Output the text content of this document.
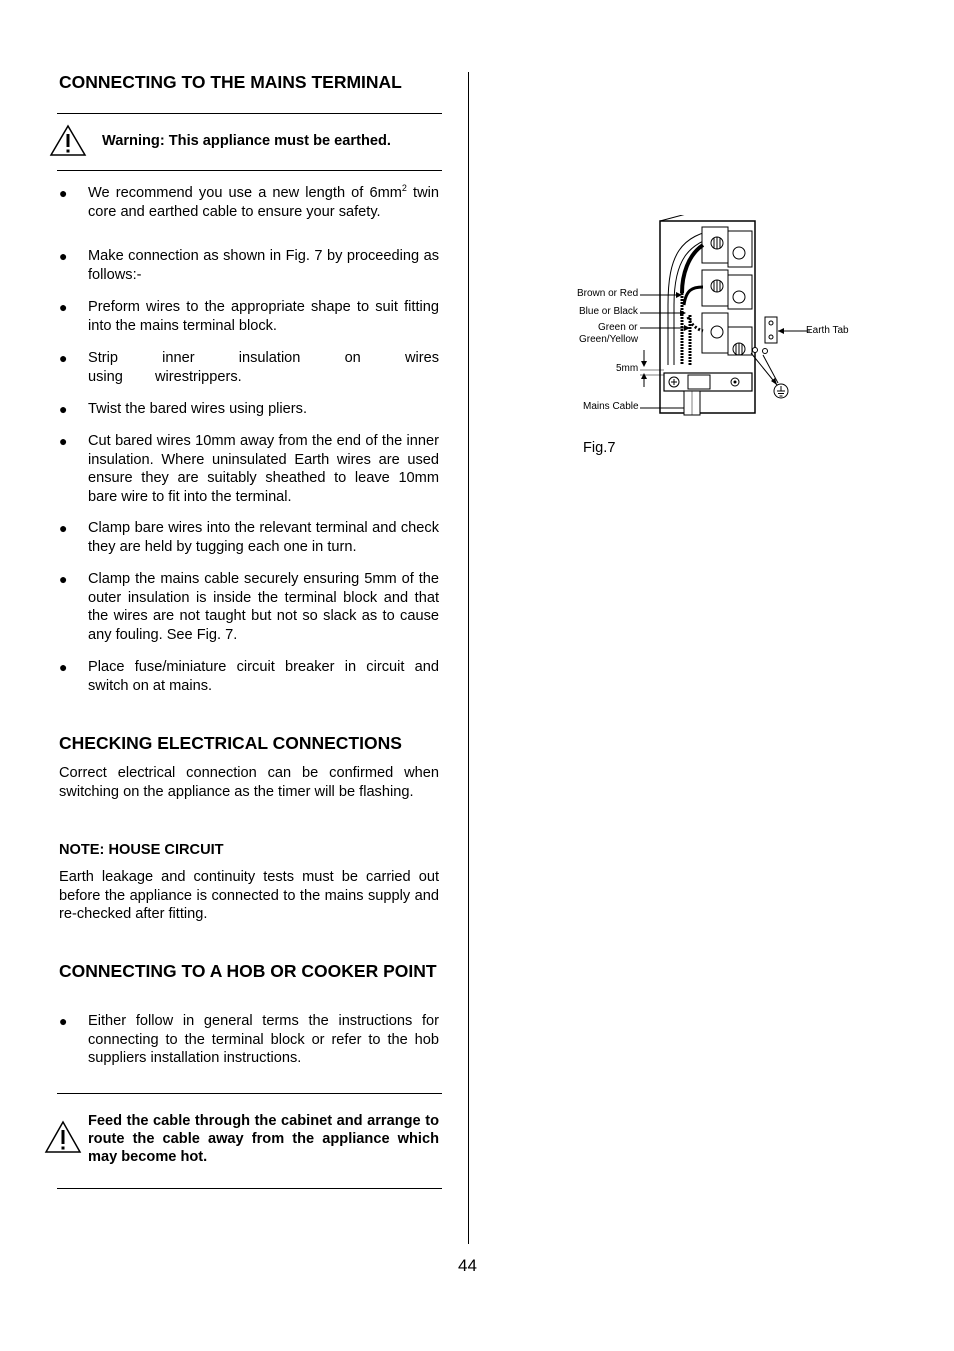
CONNECTING TO THE MAINS TERMINAL
Warning: This appliance must be earthed.
● We recommend you use a new length of $6mm^2$ twin core and earthed cable to ensure your safety.
● Make connection as shown in Fig. 7 by proceeding as follows:-
● Preform wires to the appropriate shape to suit fitting into the mains terminal block.
● Strip inner insulation on wires using wirestrippers.
● Twist the bared wires using pliers.
● Cut bared wires 10mm away from the end of the inner insulation. Where uninsulated Earth wires are used ensure they are suitably sheathed to leave 10mm bare wire to fit into the terminal.
● Clamp bare wires into the relevant terminal and check they are held by tugging each one in turn.
● Clamp the mains cable securely ensuring 5mm of the outer insulation is inside the terminal block and that the wires are not taught but not so slack as to cause any fouling. See Fig. 7.
● Place fuse/miniature circuit breaker in circuit and switch on at mains.
CHECKING ELECTRICAL CONNECTIONS
Correct electrical connection can be confirmed when switching on the appliance as the timer will be flashing.
NOTE: HOUSE CIRCUIT
Earth leakage and continuity tests must be carried out before the appliance is connected to the mains supply and re-checked after fitting.
CONNECTING TO A HOB OR COOKER POINT
● Either follow in general terms the instructions for connecting to the terminal block or refer to the hob suppliers installation instructions.
Feed the cable through the cabinet and arrange to route the cable away from the appliance which may become hot.
44
Brown or Red
Blue or Black
Green or
Green/Yellow
5mm
Mains Cable
Earth Tab
Fig.7
